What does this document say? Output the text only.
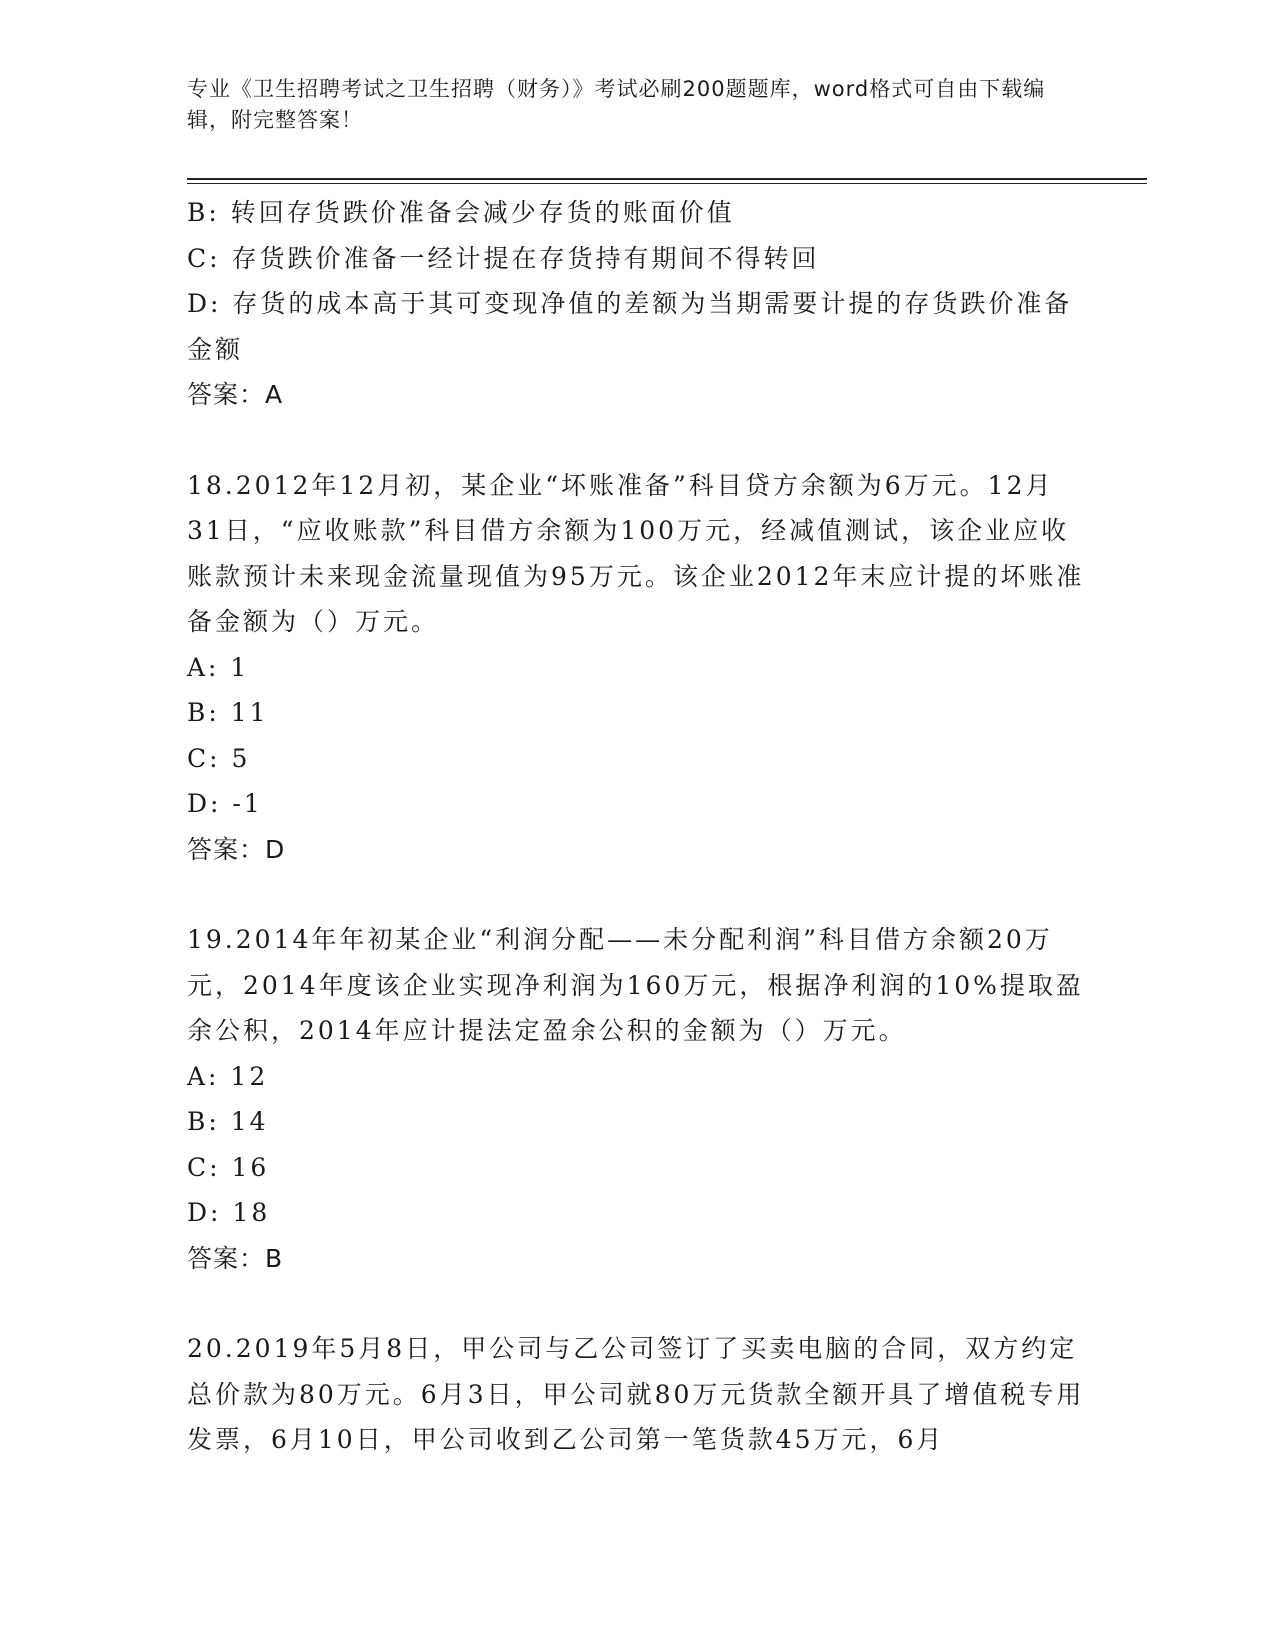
专业《卫生招聘考试之卫生招聘（财务）》考试必刷200题题库，word格式可自由下载编辑，附完整答案！

B: 转回存货跌价准备会减少存货的账面价值

C: 存货跌价准备一经计提在存货持有期间不得转回

D: 存货的成本高于其可变现净值的差额为当期需要计提的存货跌价准备金额

答案：A

18.2012年12月初，某企业“坏账准备”科目贷方余额为6万元。12月31日，“应收账款”科目借方余额为100万元，经减值测试，该企业应收账款预计未来现金流量现值为95万元。该企业2012年末应计提的坏账准备金额为（）万元。

A: 1

B: 11

C: 5

D: -1

答案：D

19.2014年年初某企业“利润分配——未分配利润”科目借方余额20万元，2014年度该企业实现净利润为160万元，根据净利润的10%提取盈余公积，2014年应计提法定盈余公积的金额为（）万元。

A: 12

B: 14

C: 16

D: 18

答案：B

20.2019年5月8日，甲公司与乙公司签订了买卖电脑的合同，双方约定总价款为80万元。6月3日，甲公司就80万元货款全额开具了增值税专用发票，6月10日，甲公司收到乙公司第一笔货款45万元，6月
